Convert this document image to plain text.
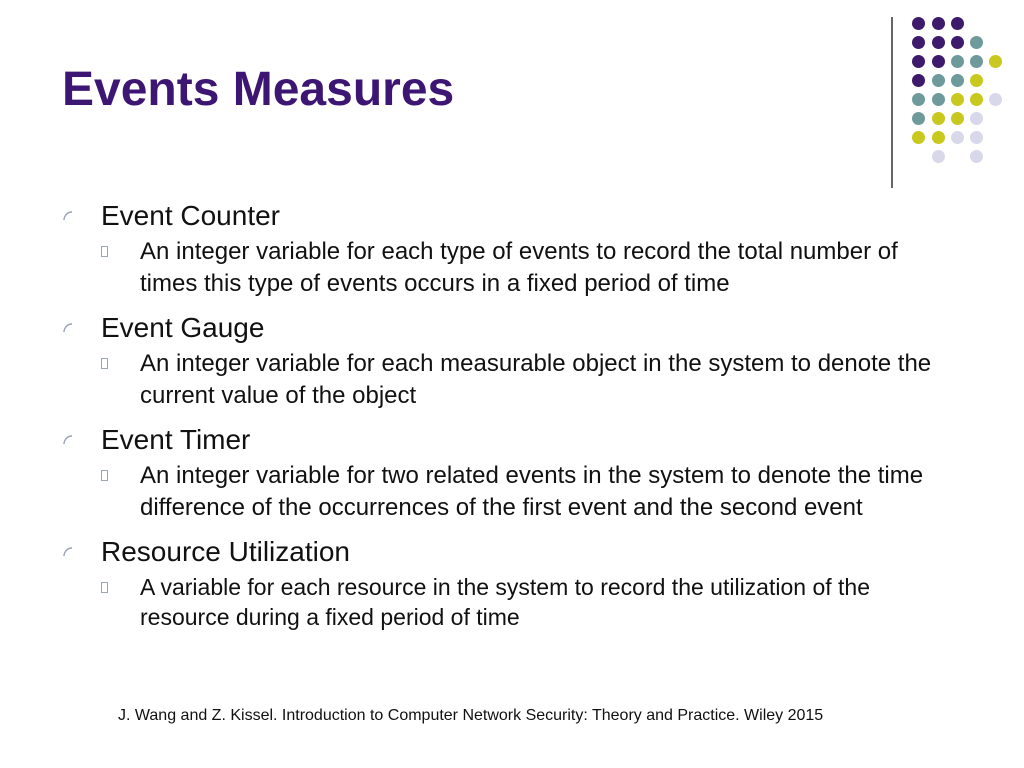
Events Measures
Event Counter
An integer variable for each type of events to record the total number of times this type of events occurs in a fixed period of time
Event Gauge
An integer variable for each measurable object in the system to denote the current value of the object
Event Timer
An integer variable for two related events in the system to denote the time difference of the occurrences of the first event and the second event
Resource Utilization
A variable for each resource in the system to record the utilization of the resource during a fixed period of time
J. Wang and Z. Kissel. Introduction to Computer Network Security: Theory and Practice. Wiley 2015
